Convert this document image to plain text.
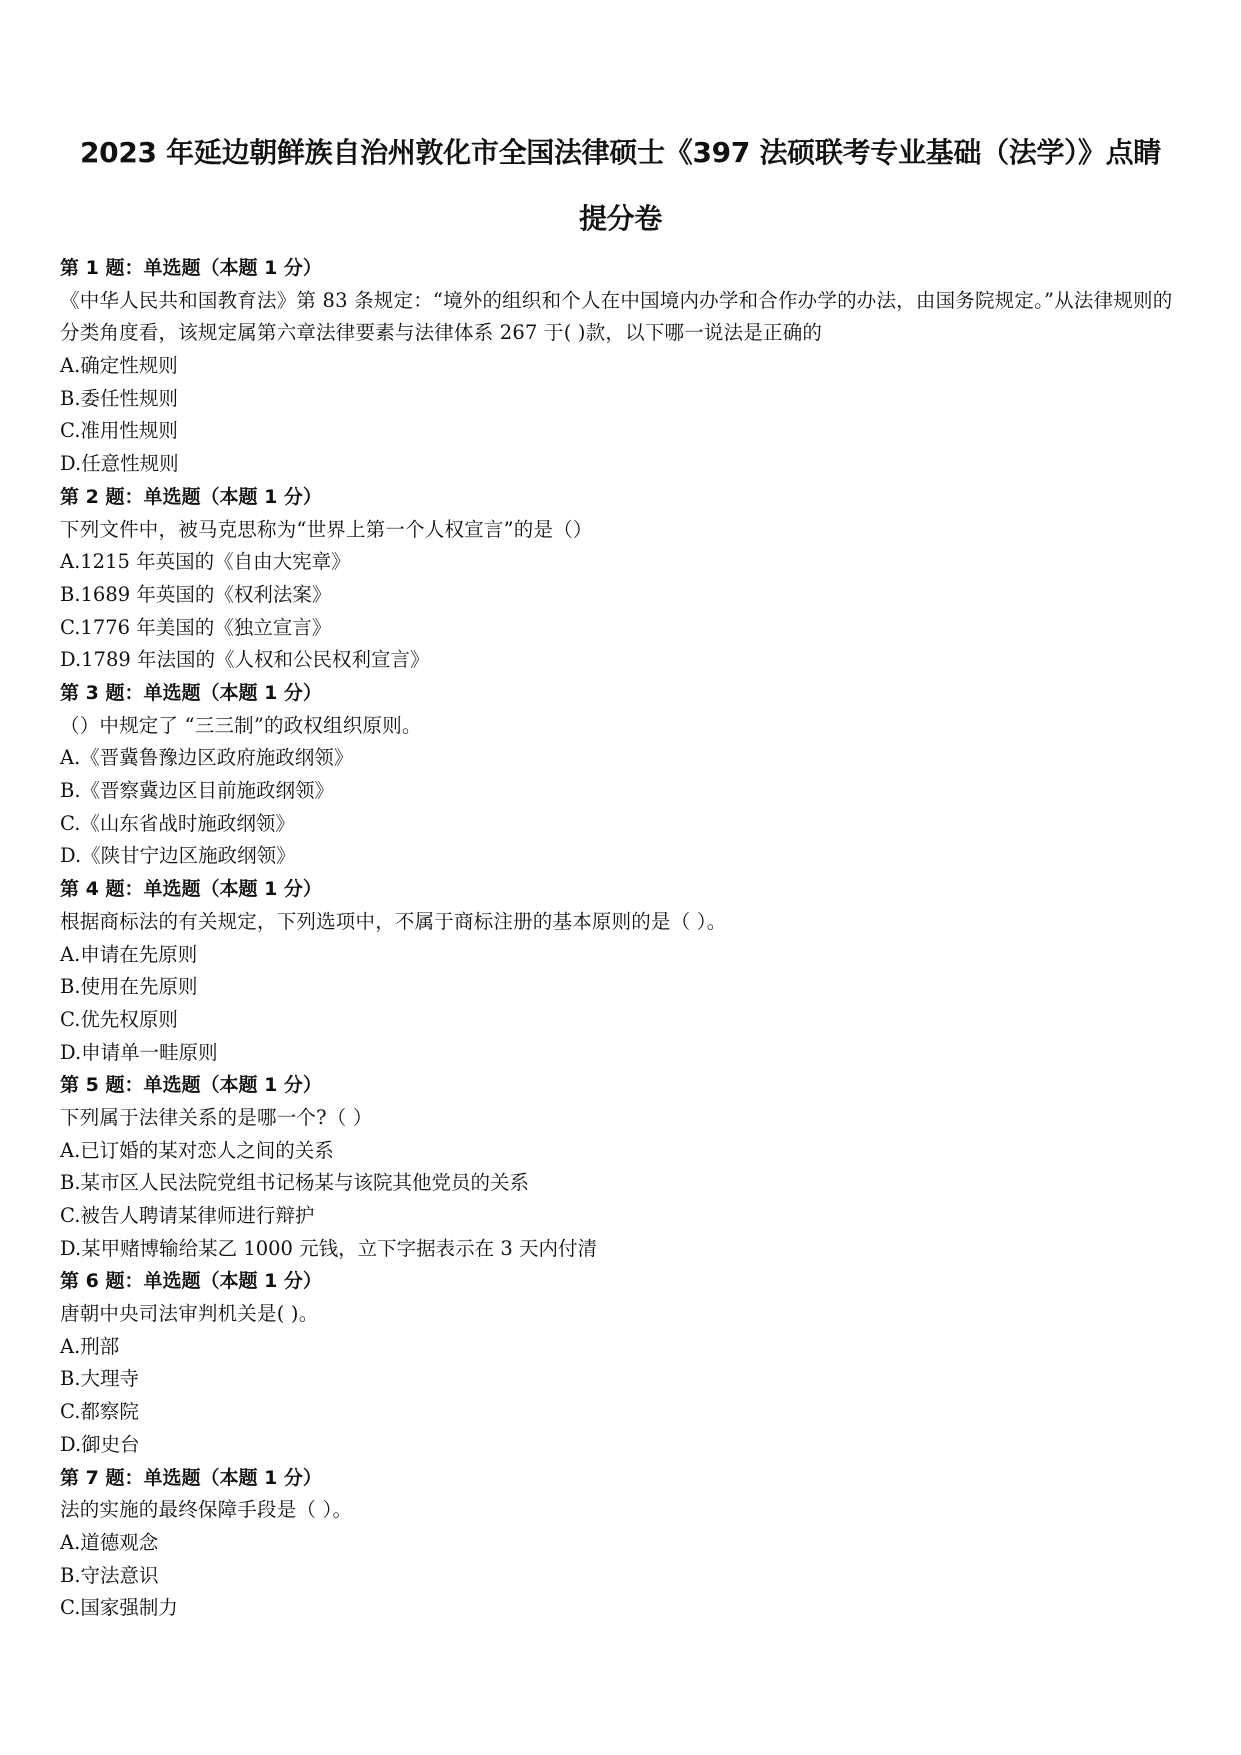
2023 年延边朝鲜族自治州敦化市全国法律硕士《397 法硕联考专业基础（法学）》点睛
提分卷
第 1 题：单选题（本题 1 分）
《中华人民共和国教育法》第 83 条规定：“境外的组织和个人在中国境内办学和合作办学的办法，由国务院规定。”从法律规则的分类角度看，该规定属第六章法律要素与法律体系 267 于( )款，以下哪一说法是正确的
A.确定性规则
B.委任性规则
C.准用性规则
D.任意性规则
第 2 题：单选题（本题 1 分）
下列文件中，被马克思称为“世界上第一个人权宣言”的是（）
A.1215 年英国的《自由大宪章》
B.1689 年英国的《权利法案》
C.1776 年美国的《独立宣言》
D.1789 年法国的《人权和公民权利宣言》
第 3 题：单选题（本题 1 分）
（）中规定了 “三三制”的政权组织原则。
A.《晋冀鲁豫边区政府施政纲领》
B.《晋察冀边区目前施政纲领》
C.《山东省战时施政纲领》
D.《陕甘宁边区施政纲领》
第 4 题：单选题（本题 1 分）
根据商标法的有关规定，下列选项中，不属于商标注册的基本原则的是（ ）。
A.申请在先原则
B.使用在先原则
C.优先权原则
D.申请单一畦原则
第 5 题：单选题（本题 1 分）
下列属于法律关系的是哪一个?（ ）
A.已订婚的某对恋人之间的关系
B.某市区人民法院党组书记杨某与该院其他党员的关系
C.被告人聘请某律师进行辩护
D.某甲赌博输给某乙 1000 元钱，立下字据表示在 3 天内付清
第 6 题：单选题（本题 1 分）
唐朝中央司法审判机关是( )。
A.刑部
B.大理寺
C.都察院
D.御史台
第 7 题：单选题（本题 1 分）
法的实施的最终保障手段是（ ）。
A.道德观念
B.守法意识
C.国家强制力
